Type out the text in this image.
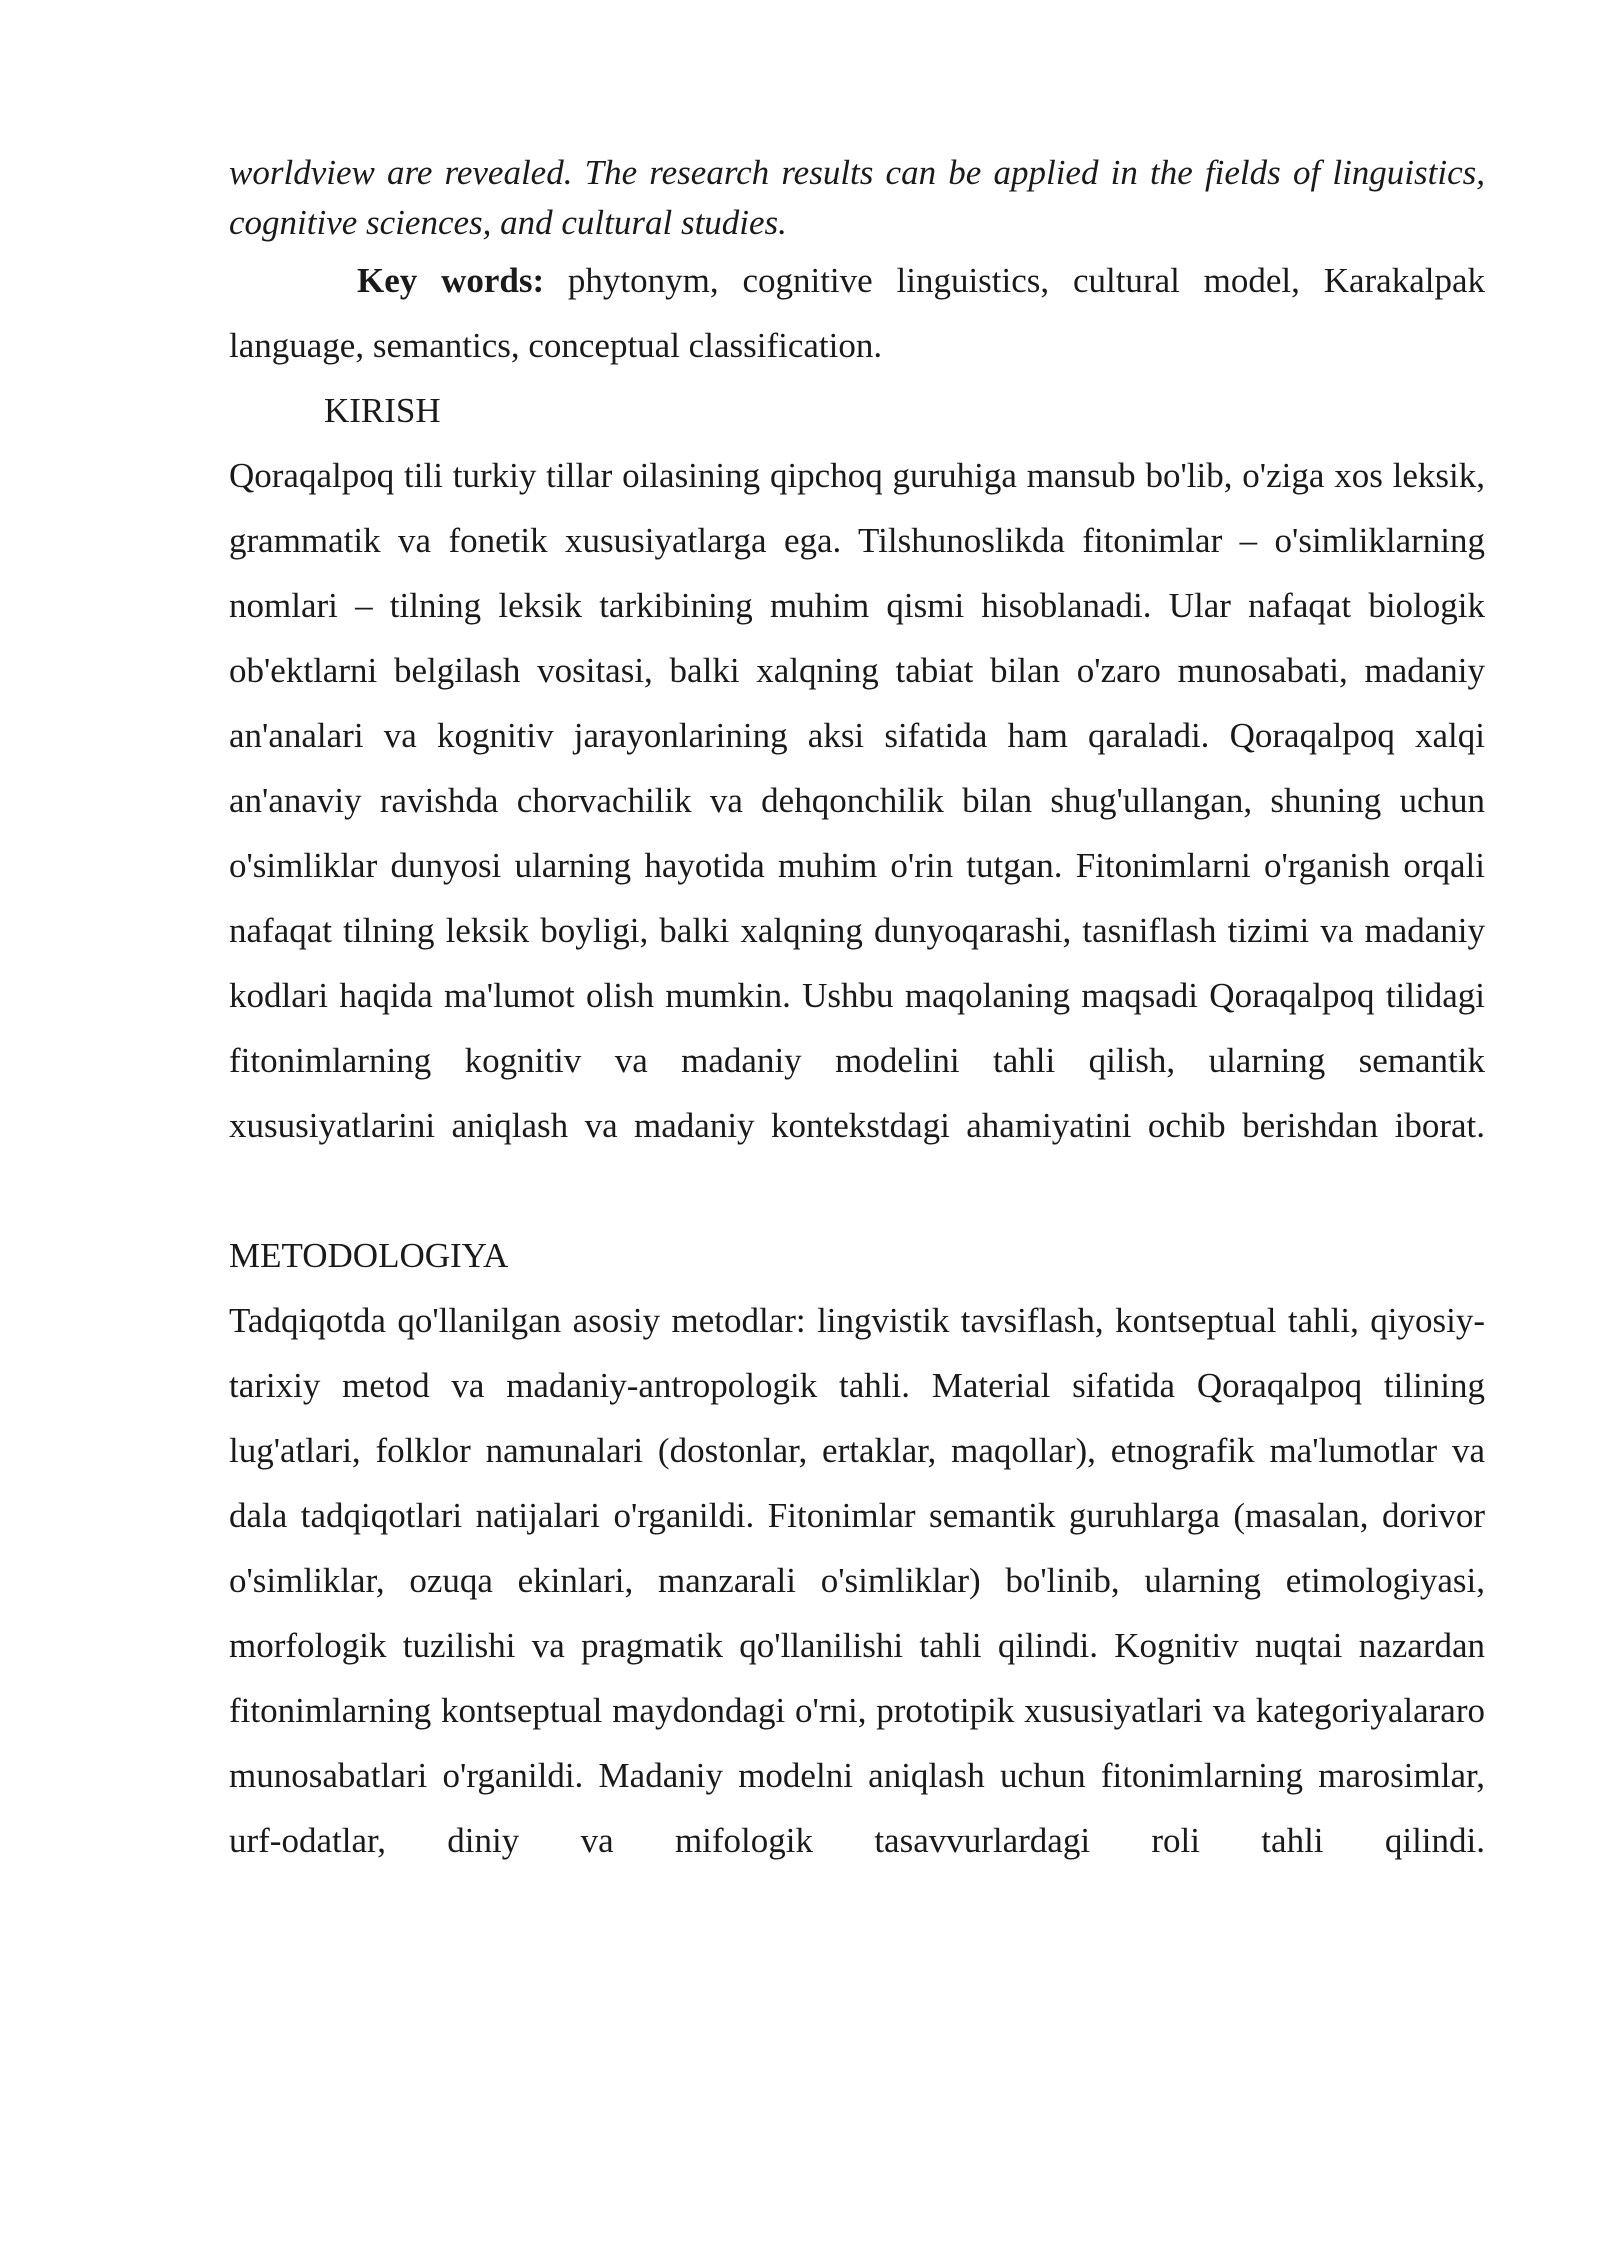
worldview are revealed. The research results can be applied in the fields of linguistics, cognitive sciences, and cultural studies.

Key words: phytonym, cognitive linguistics, cultural model, Karakalpak language, semantics, conceptual classification.

KIRISH

Qoraqalpoq tili turkiy tillar oilasining qipchoq guruhiga mansub bo'lib, o'ziga xos leksik, grammatik va fonetik xususiyatlarga ega. Tilshunoslikda fitonimlar – o'simliklarning nomlari – tilning leksik tarkibining muhim qismi hisoblanadi. Ular nafaqat biologik ob'ektlarni belgilash vositasi, balki xalqning tabiat bilan o'zaro munosabati, madaniy an'analari va kognitiv jarayonlarining aksi sifatida ham qaraladi. Qoraqalpoq xalqi an'anaviy ravishda chorvachilik va dehqonchilik bilan shug'ullangan, shuning uchun o'simliklar dunyosi ularning hayotida muhim o'rin tutgan. Fitonimlarni o'rganish orqali nafaqat tilning leksik boyligi, balki xalqning dunyoqarashi, tasniflash tizimi va madaniy kodlari haqida ma'lumot olish mumkin. Ushbu maqolaning maqsadi Qoraqalpoq tilidagi fitonimlarning kognitiv va madaniy modelini tahli qilish, ularning semantik xususiyatlarini aniqlash va madaniy kontekstdagi ahamiyatini ochib berishdan iborat.

METODOLOGIYA

Tadqiqotda qo'llanilgan asosiy metodlar: lingvistik tavsiflash, kontseptual tahli, qiyosiy-tarixiy metod va madaniy-antropologik tahli. Material sifatida Qoraqalpoq tilining lug'atlari, folklor namunalari (dostonlar, ertaklar, maqollar), etnografik ma'lumotlar va dala tadqiqotlari natijalari o'rganildi. Fitonimlar semantik guruhlarga (masalan, dorivor o'simliklar, ozuqa ekinlari, manzarali o'simliklar) bo'linib, ularning etimologiyasi, morfologik tuzilishi va pragmatik qo'llanilishi tahli qilindi. Kognitiv nuqtai nazardan fitonimlarning kontseptual maydondagi o'rni, prototipik xususiyatlari va kategoriyalararo munosabatlari o'rganildi. Madaniy modelni aniqlash uchun fitonimlarning marosimlar, urf-odatlar, diniy va mifologik tasavvurlardagi roli tahli qilindi.
